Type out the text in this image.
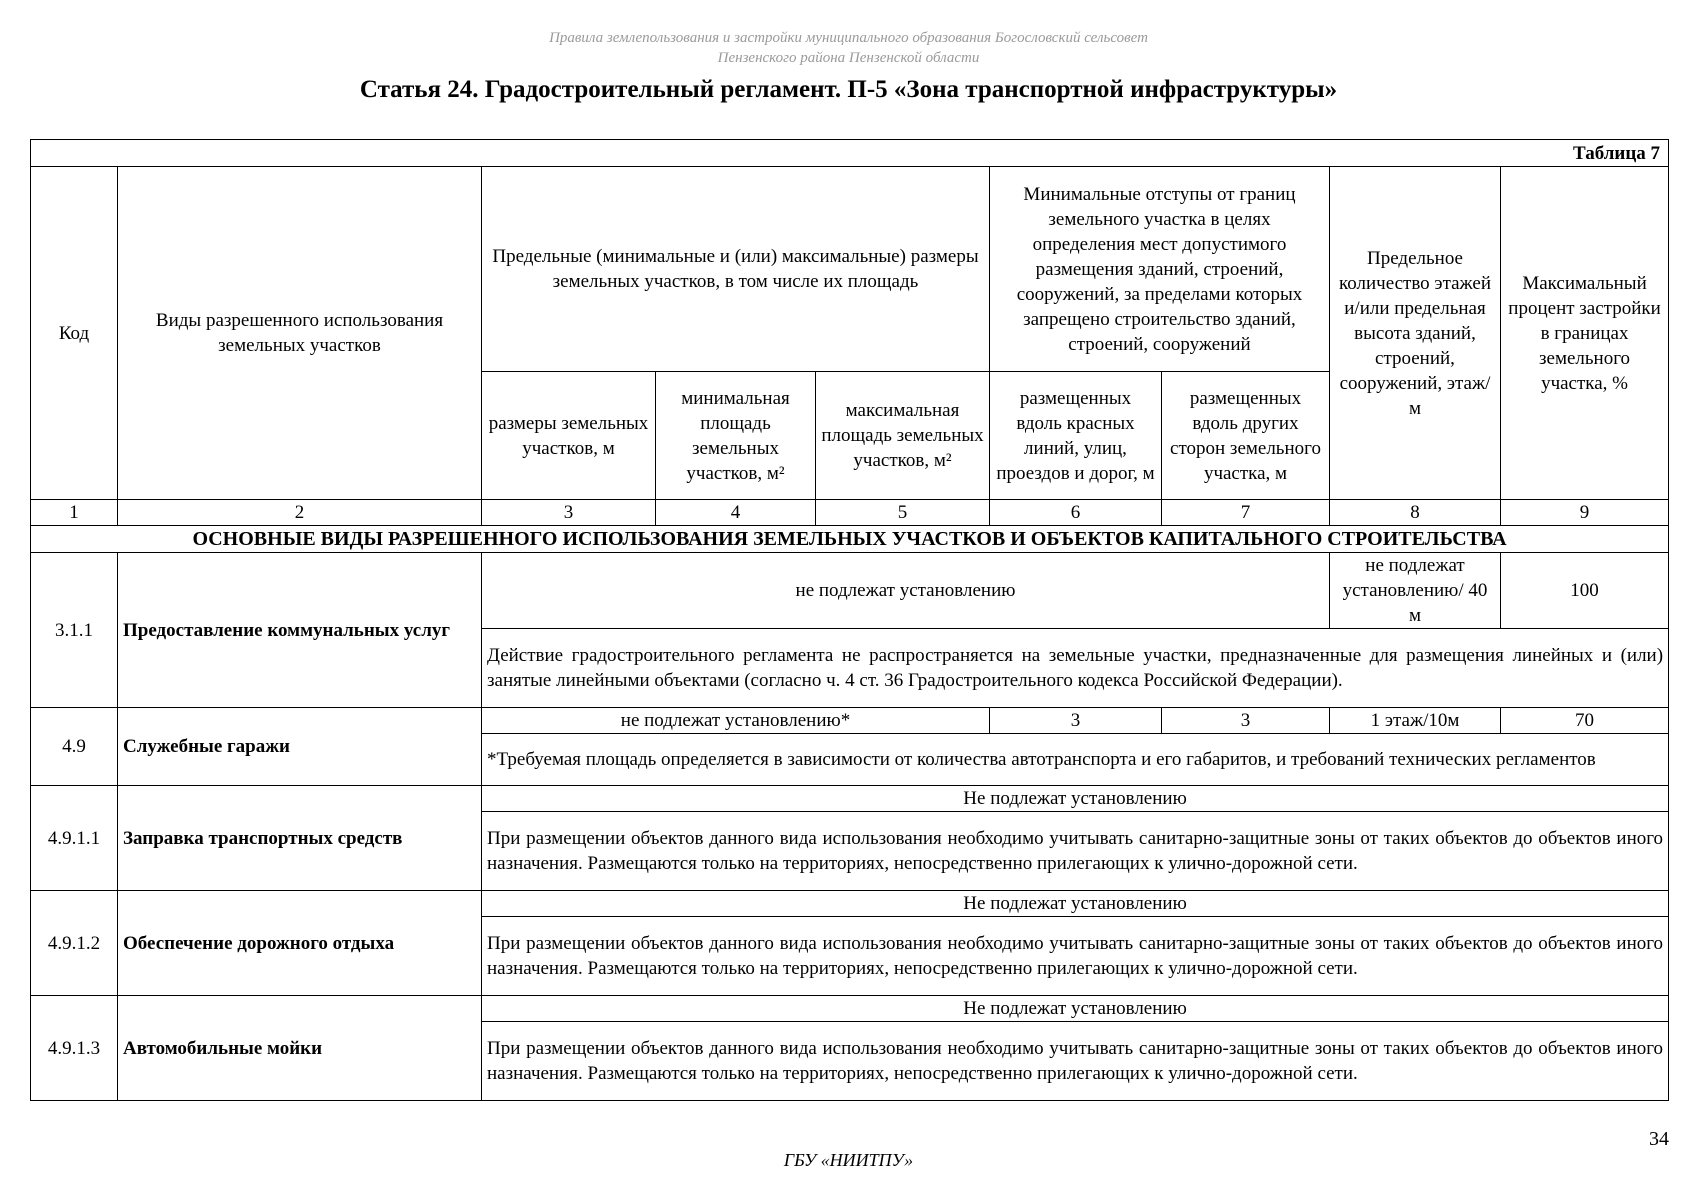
Правила землепользования и застройки муниципального образования Богословский сельсовет
Пензенского района Пензенской области
Статья 24. Градостроительный регламент. П-5 «Зона транспортной инфраструктуры»
Таблица 7								
Код	Виды разрешенного использования земельных участков	Предельные (минимальные и (или) максимальные) размеры земельных участков, в том числе их площадь			Минимальные отступы от границ земельного участка в целях определения мест допустимого размещения зданий, строений, сооружений, за пределами которых запрещено строительство зданий, строений, сооружений		Предельное количество этажей и/или предельная высота зданий, строений, сооружений, этаж/м	Максимальный процент застройки в границах земельного участка, %
		размеры земельных участков, м	минимальная площадь земельных участков, м²	максимальная площадь земельных участков, м²	размещенных вдоль красных линий, улиц, проездов и дорог, м	размещенных вдоль других сторон земельного участка, м		
1	2	3	4	5	6	7	8	9
ОСНОВНЫЕ ВИДЫ РАЗРЕШЕННОГО ИСПОЛЬЗОВАНИЯ ЗЕМЕЛЬНЫХ УЧАСТКОВ И ОБЪЕКТОВ КАПИТАЛЬНОГО СТРОИТЕЛЬСТВА								
3.1.1	Предоставление коммунальных услуг	не подлежат установлению					не подлежат установлению/ 40 м	100
		Действие градостроительного регламента не распространяется на земельные участки, предназначенные для размещения линейных и (или) занятые линейными объектами (согласно ч. 4 ст. 36 Градостроительного кодекса Российской Федерации).						
4.9	Служебные гаражи	не подлежат установлению*			3	3	1 этаж/10м	70
		*Требуемая площадь определяется в зависимости от количества автотранспорта и его габаритов, и требований технических регламентов						
4.9.1.1	Заправка транспортных средств	Не подлежат установлению						
		При размещении объектов данного вида использования необходимо учитывать санитарно-защитные зоны от таких объектов до объектов иного назначения. Размещаются только на территориях, непосредственно прилегающих к улично-дорожной сети.						
4.9.1.2	Обеспечение дорожного отдыха	Не подлежат установлению						
		При размещении объектов данного вида использования необходимо учитывать санитарно-защитные зоны от таких объектов до объектов иного назначения. Размещаются только на территориях, непосредственно прилегающих к улично-дорожной сети.						
4.9.1.3	Автомобильные мойки	Не подлежат установлению						
		При размещении объектов данного вида использования необходимо учитывать санитарно-защитные зоны от таких объектов до объектов иного назначения. Размещаются только на территориях, непосредственно прилегающих к улично-дорожной сети.						
34
ГБУ «НИИТПУ»
